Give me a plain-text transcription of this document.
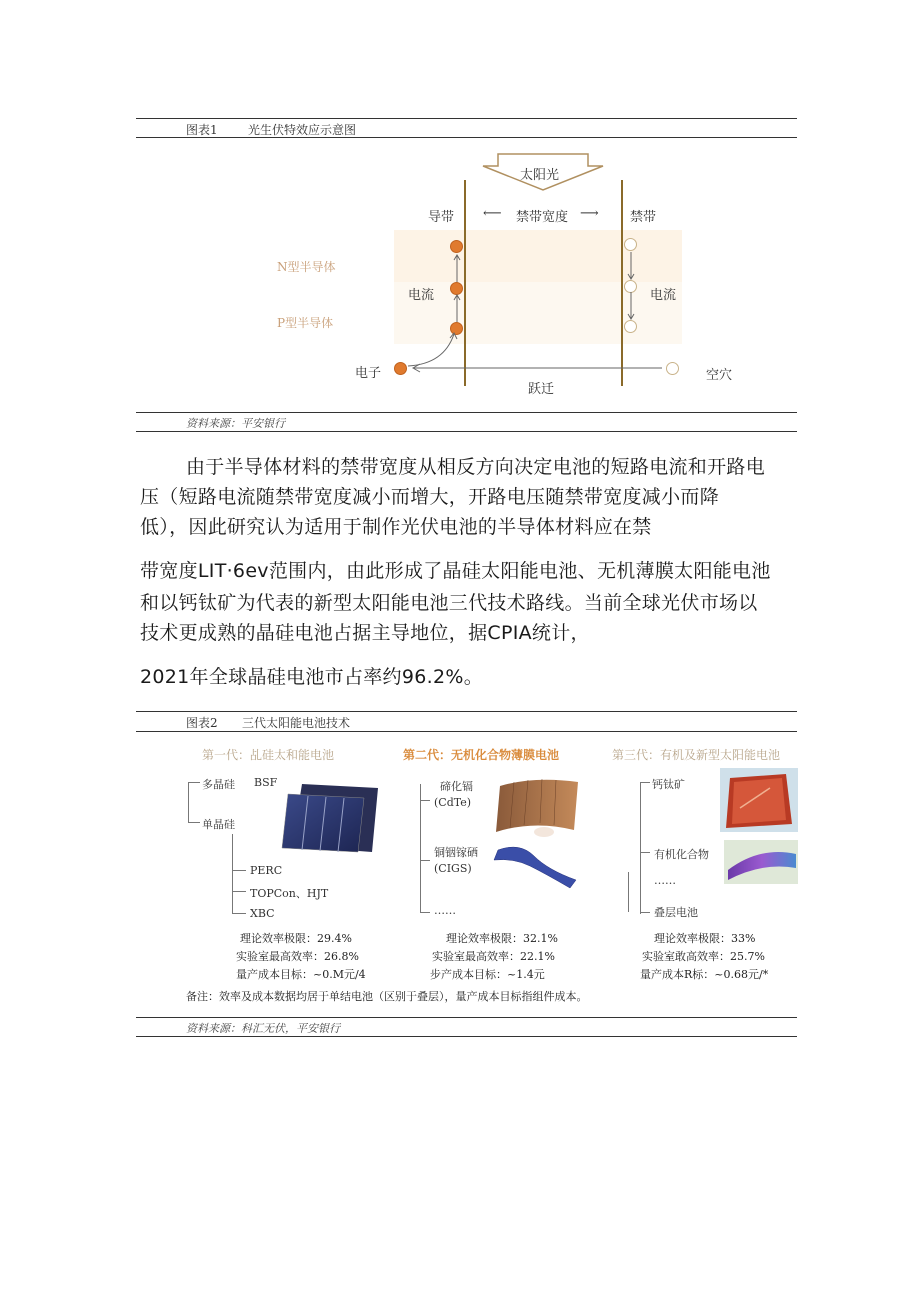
图表1	光生伏特效应示意图
太阳光
导带 ⟵ 禁带宽度 ⟶ 禁带
N型半导体
P型半导体
电流	电流
电子	空穴
跃迁
资料来源：平安银行
由于半导体材料的禁带宽度从相反方向决定电池的短路电流和开路电
压（短路电流随禁带宽度减小而增大，开路电压随禁带宽度减小而降
低），因此研究认为适用于制作光伏电池的半导体材料应在禁
带宽度LIT·6ev范围内，由此形成了晶硅太阳能电池、无机薄膜太阳能电池
和以钙钛矿为代表的新型太阳能电池三代技术路线。当前全球光伏市场以
技术更成熟的晶硅电池占据主导地位，据CPIA统计，
2021年全球晶硅电池市占率约96.2%。
图表2 三代太阳能电池技术
第一代：乩硅太和能电池
多晶硅 BSF
单晶硅
PERC
TOPCon、HJT
XBC
理论效率极限：29.4%
实验室最高效率：26.8%
量产成本目标：~0.M元/4
第二代：无机化合物薄膜电池
碲化镉
(CdTe)
铜铟镓硒
(CIGS)
……
理论效率极限：32.1%
实验室最高效率：22.1%
步产成本目标：~1.4元
第三代：有机及新型太阳能电池
钙钛矿
有机化合物
……
叠层电池
理论效率极限：33%
实验室敢高效率：25.7%
量产成本R标：~0.68元/*
备注：效率及成本数据均居于单结电池（区别于叠层），量产成本目标指组件成本。
资料来源：科汇无伏，平安银行
